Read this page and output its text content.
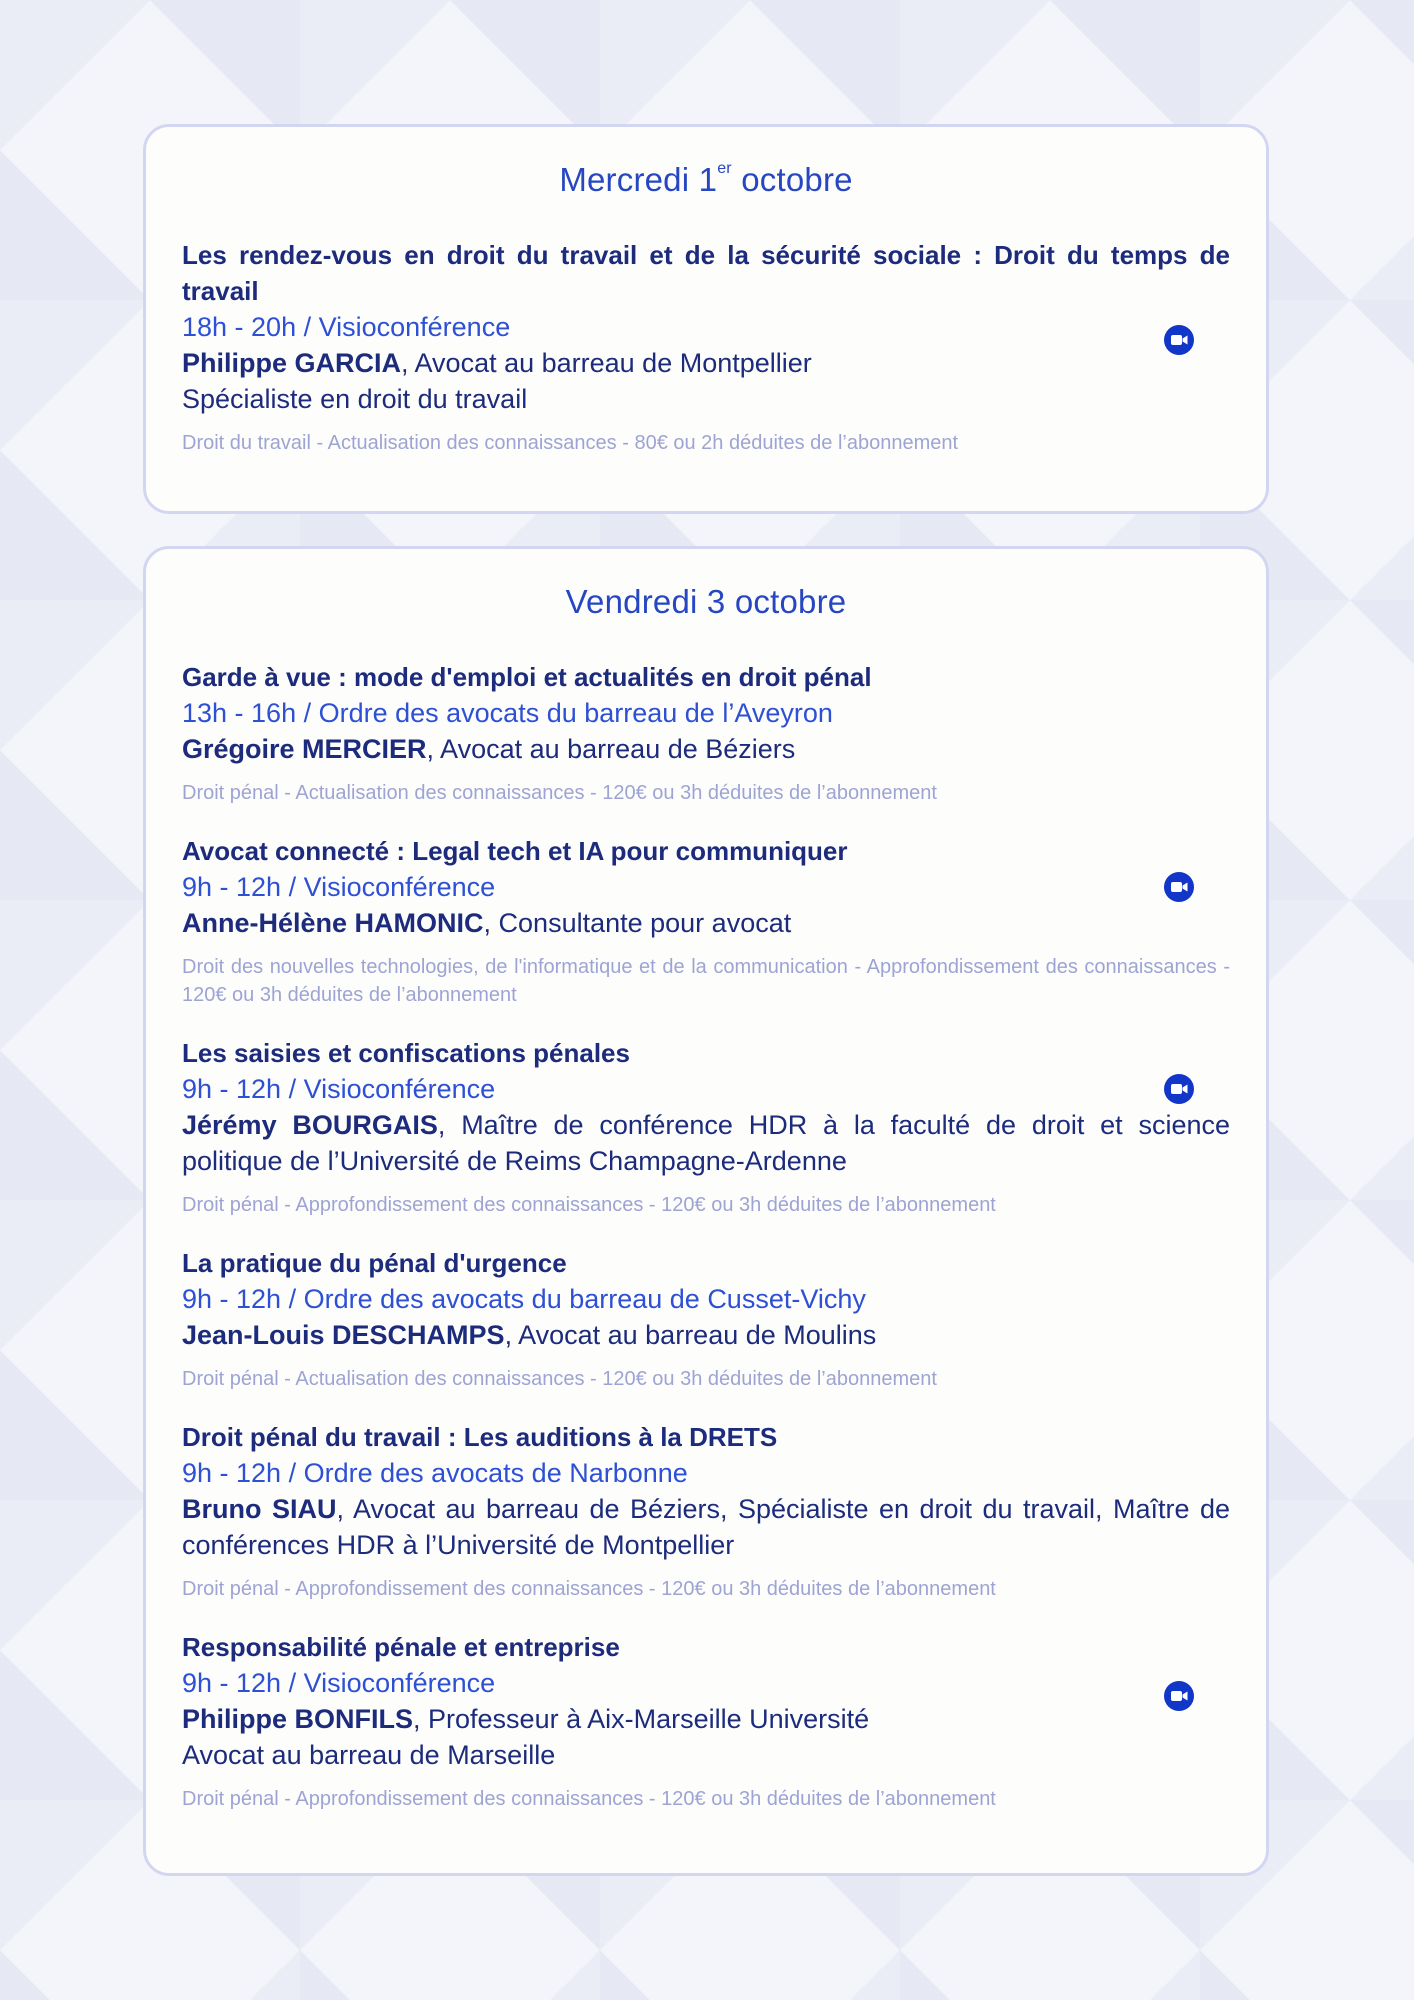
Mercredi 1er octobre
Les rendez-vous en droit du travail et de la sécurité sociale : Droit du temps de travail
18h - 20h / Visioconférence
Philippe GARCIA, Avocat au barreau de Montpellier
Spécialiste en droit du travail
Droit du travail - Actualisation des connaissances - 80€ ou 2h déduites de l’abonnement
Vendredi 3 octobre
Garde à vue : mode d'emploi et actualités en droit pénal
13h - 16h / Ordre des avocats du barreau de l’Aveyron
Grégoire MERCIER, Avocat au barreau de Béziers
Droit pénal - Actualisation des connaissances - 120€ ou 3h déduites de l’abonnement
Avocat connecté : Legal tech et IA pour communiquer
9h - 12h / Visioconférence
Anne-Hélène HAMONIC, Consultante pour avocat
Droit des nouvelles technologies, de l'informatique et de la communication - Approfondissement des connaissances - 120€ ou 3h déduites de l’abonnement
Les saisies et confiscations pénales
9h - 12h / Visioconférence
Jérémy BOURGAIS, Maître de conférence HDR à la faculté de droit et science politique de l’Université de Reims Champagne-Ardenne
Droit pénal - Approfondissement des connaissances - 120€ ou 3h déduites de l’abonnement
La pratique du pénal d'urgence
9h - 12h / Ordre des avocats du barreau de Cusset-Vichy
Jean-Louis DESCHAMPS, Avocat au barreau de Moulins
Droit pénal - Actualisation des connaissances - 120€ ou 3h déduites de l’abonnement
Droit pénal du travail : Les auditions à la DRETS
9h - 12h / Ordre des avocats de Narbonne
Bruno SIAU, Avocat au barreau de Béziers, Spécialiste en droit du travail, Maître de conférences HDR à l’Université de Montpellier
Droit pénal - Approfondissement des connaissances - 120€ ou 3h déduites de l’abonnement
Responsabilité pénale et entreprise
9h - 12h / Visioconférence
Philippe BONFILS, Professeur à Aix-Marseille Université
Avocat au barreau de Marseille
Droit pénal - Approfondissement des connaissances - 120€ ou 3h déduites de l’abonnement
